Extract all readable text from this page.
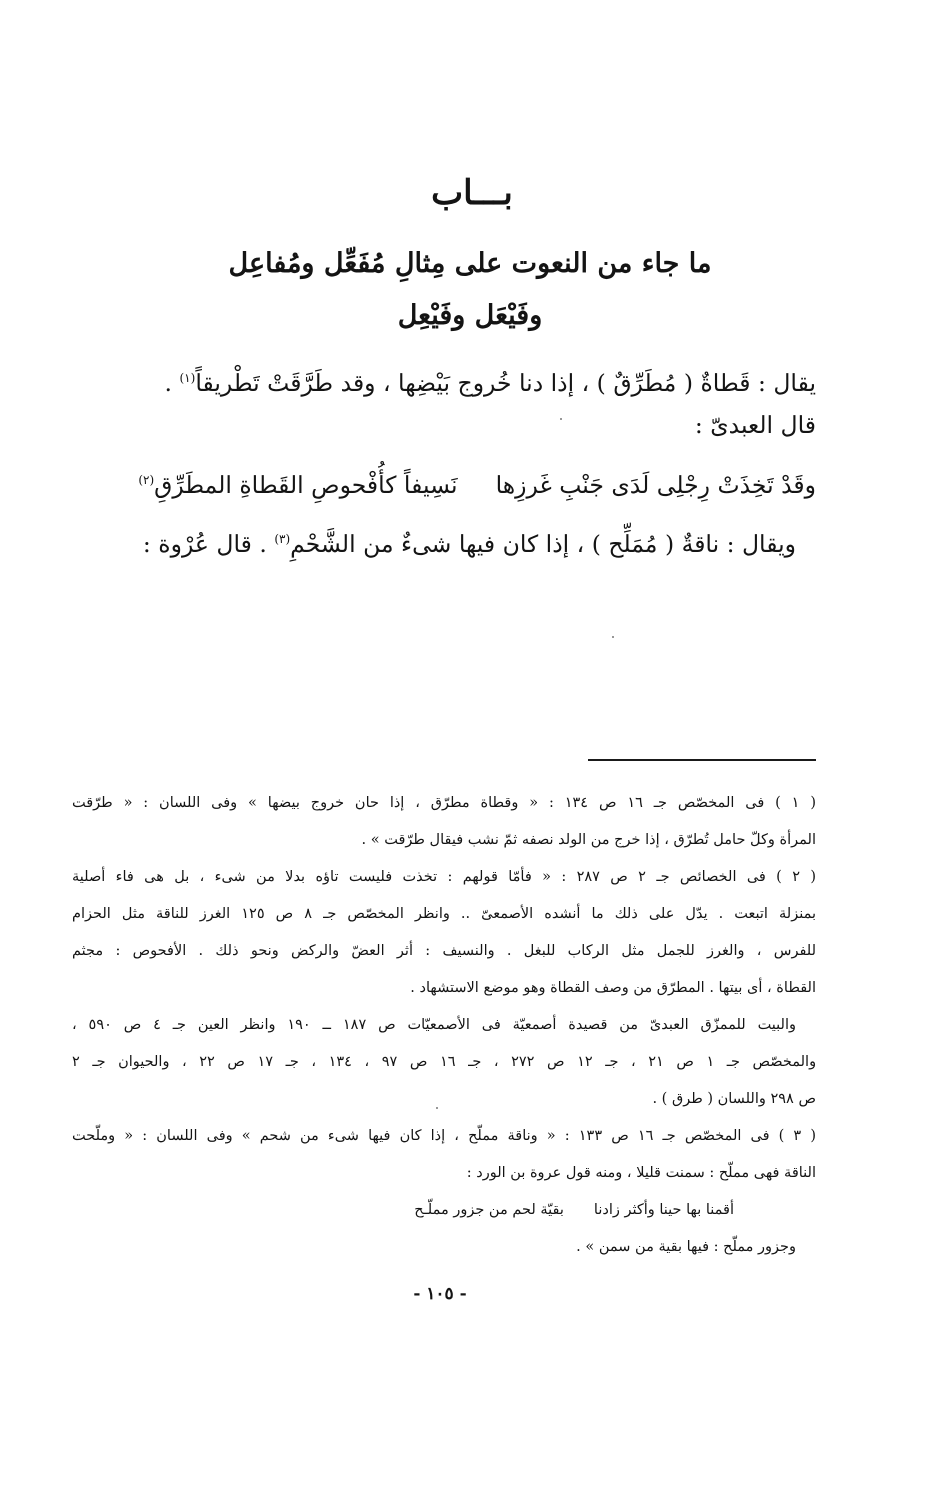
بـــاب
ما جاء من النعوت على مِثالِ مُفَعِّل ومُفاعِل
وفَيْعَل وفَيْعِل
يقال : قَطاةٌ ( مُطَرِّقٌ ) ، إذا دنا خُروج بَيْضِها ، وقد طَرَّقَتْ تَطْريقاً$^{(١)}$ .
قال العبدىّ :
وقَدْ تَخِذَتْ رِجْلِى لَدَى جَنْبِ غَرزِهانَسِيفاً كأُفْحوصِ القَطاةِ المطَرِّقِ$^{(٢)}$
ويقال : ناقةٌ ( مُمَلِّح ) ، إذا كان فيها شىءٌ من الشَّحْمِ$^{(٣)}$ . قال عُرْوة :
( ١ ) فى المخصّص جـ ١٦ ص ١٣٤ : « وقطاة مطرّق ، إذا حان خروج بيضها » وفى اللسان : « طرّقت
المرأة وكلّ حامل تُطرّق ، إذا خرج من الولد نصفه ثمّ نشب فيقال طرّقت » .
( ٢ ) فى الخصائص جـ ٢ ص ٢٨٧ : « فأمّا قولهم : تخذت فليست تاؤه بدلا من شىء ، بل هى فاء أصلية
بمنزلة اتبعت . يدّل على ذلك ما أنشده الأصمعىّ .. وانظر المخصّص جـ ٨ ص ١٢٥ الغرز للناقة مثل الحزام
للفرس ، والغرز للجمل مثل الركاب للبغل . والنسيف : أثر العضّ والركض ونحو ذلك . الأفحوص : مجثم
القطاة ، أى بيتها . المطرّق من وصف القطاة وهو موضع الاستشهاد .
والبيت للممزّق العبدىّ من قصيدة أصمعيّة فى الأصمعيّات ص ١٨٧ ــ ١٩٠ وانظر العين جـ ٤ ص ٥٩٠ ،
والمخصّص جـ ١ ص ٢١ ، جـ ١٢ ص ٢٧٢ ، جـ ١٦ ص ٩٧ ، ١٣٤ ، جـ ١٧ ص ٢٢ ، والحيوان جـ ٢
ص ٢٩٨ واللسان ( طرق ) .
( ٣ ) فى المخصّص جـ ١٦ ص ١٣٣ : « وناقة مملّح ، إذا كان فيها شىء من شحم » وفى اللسان : « وملّحت
الناقة فهى مملّح : سمنت قليلا ، ومنه قول عروة بن الورد :
أقمنا بها حينا وأكثر زادنابقيّة لحم من جزور مملّـح
وجزور مملّح : فيها بقية من سمن » .
- ١٠٥ -
